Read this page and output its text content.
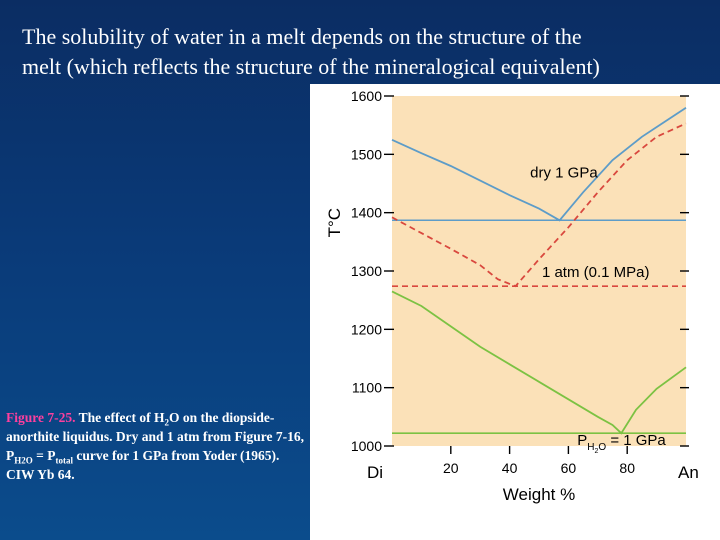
The solubility of water in a melt depends on the structure of the melt (which reflects the structure of the mineralogical equivalent)
Figure 7-25. The effect of $H_2O$ on the diopside-anorthite liquidus. Dry and 1 atm from Figure 7-16, $P_{H2O} = P_{total}$ curve for 1 GPa from Yoder (1965). CIW Yb 64.
1000
1100
1200
1300
1400
1500
1600
20	40	60	80
Di	An
Weight %
T°C
dry 1 GPa
1 atm (0.1 MPa)
$P_{H2}^O = 1$ GPa
